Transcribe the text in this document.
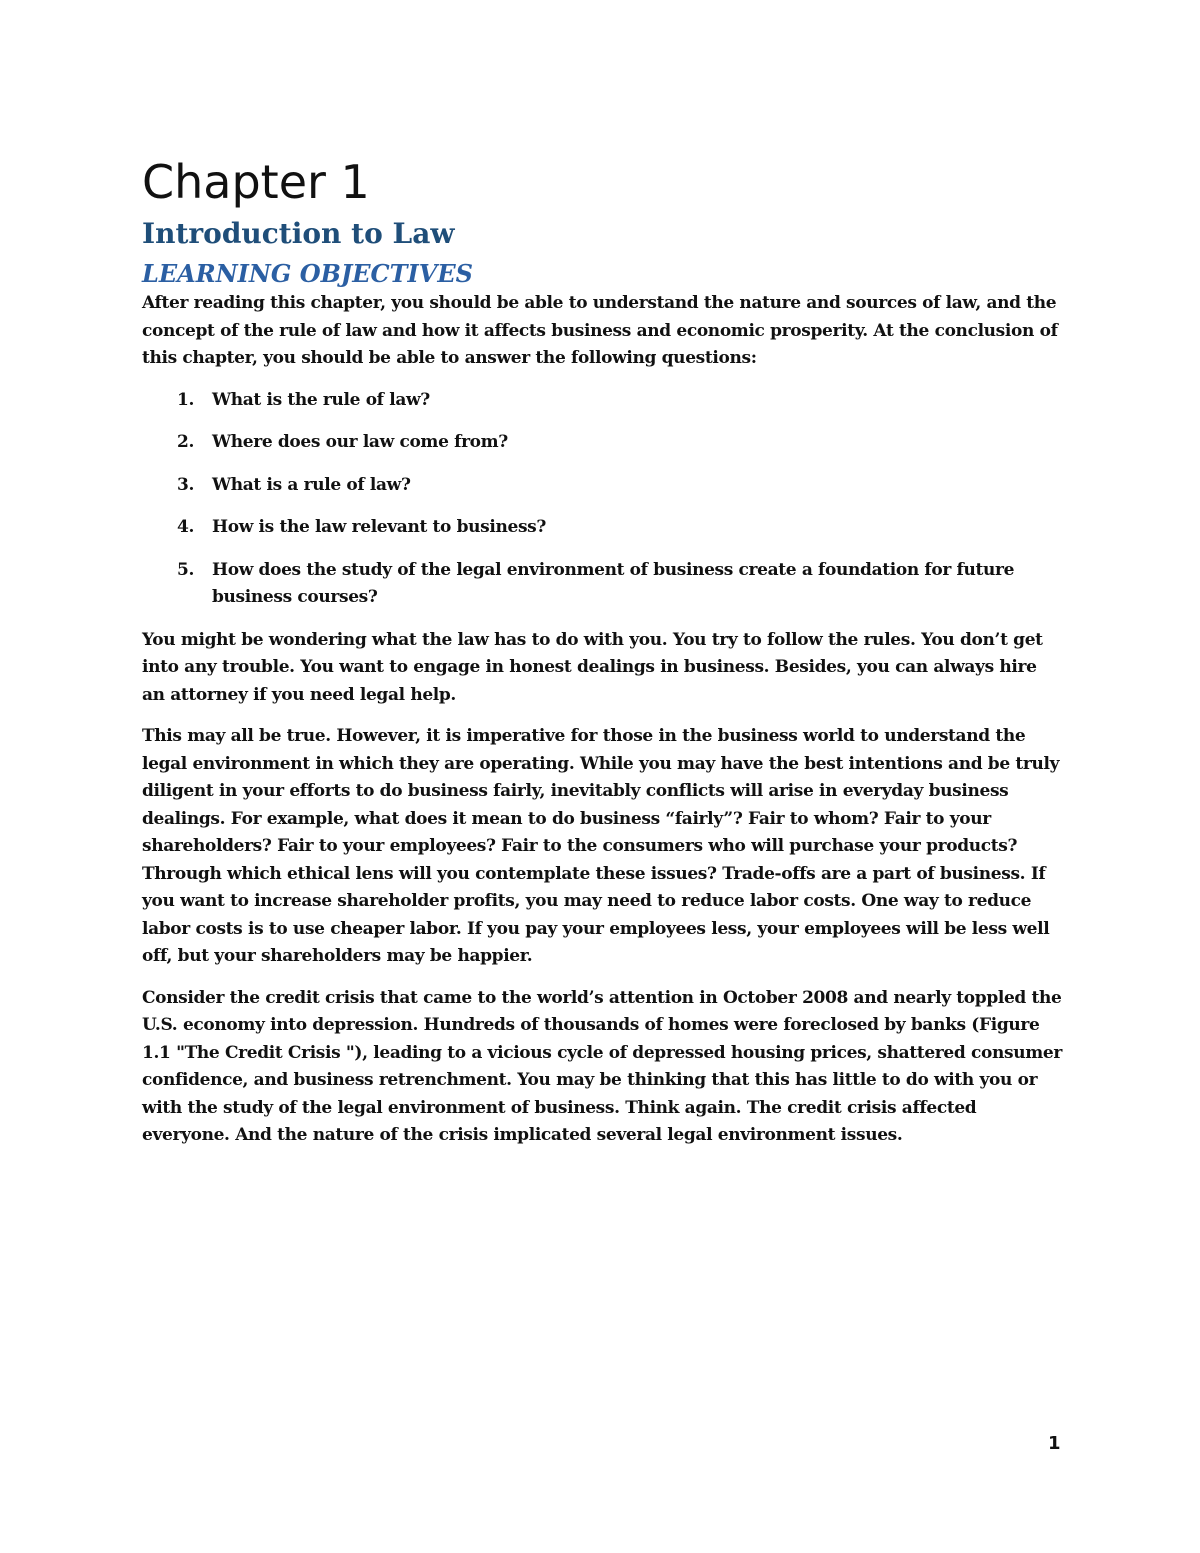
Chapter 1
Introduction to Law
LEARNING OBJECTIVES

After reading this chapter, you should be able to understand the nature and sources of law, and the concept of the rule of law and how it affects business and economic prosperity. At the conclusion of this chapter, you should be able to answer the following questions:

1. What is the rule of law?
2. Where does our law come from?
3. What is a rule of law?
4. How is the law relevant to business?
5. How does the study of the legal environment of business create a foundation for future business courses?

You might be wondering what the law has to do with you. You try to follow the rules. You don’t get into any trouble. You want to engage in honest dealings in business. Besides, you can always hire an attorney if you need legal help.

This may all be true. However, it is imperative for those in the business world to understand the legal environment in which they are operating. While you may have the best intentions and be truly diligent in your efforts to do business fairly, inevitably conflicts will arise in everyday business dealings. For example, what does it mean to do business “fairly”? Fair to whom? Fair to your shareholders? Fair to your employees? Fair to the consumers who will purchase your products? Through which ethical lens will you contemplate these issues? Trade-offs are a part of business. If you want to increase shareholder profits, you may need to reduce labor costs. One way to reduce labor costs is to use cheaper labor. If you pay your employees less, your employees will be less well off, but your shareholders may be happier.

Consider the credit crisis that came to the world’s attention in October 2008 and nearly toppled the U.S. economy into depression. Hundreds of thousands of homes were foreclosed by banks (Figure 1.1 "The Credit Crisis "), leading to a vicious cycle of depressed housing prices, shattered consumer confidence, and business retrenchment. You may be thinking that this has little to do with you or with the study of the legal environment of business. Think again. The credit crisis affected everyone. And the nature of the crisis implicated several legal environment issues.

1
